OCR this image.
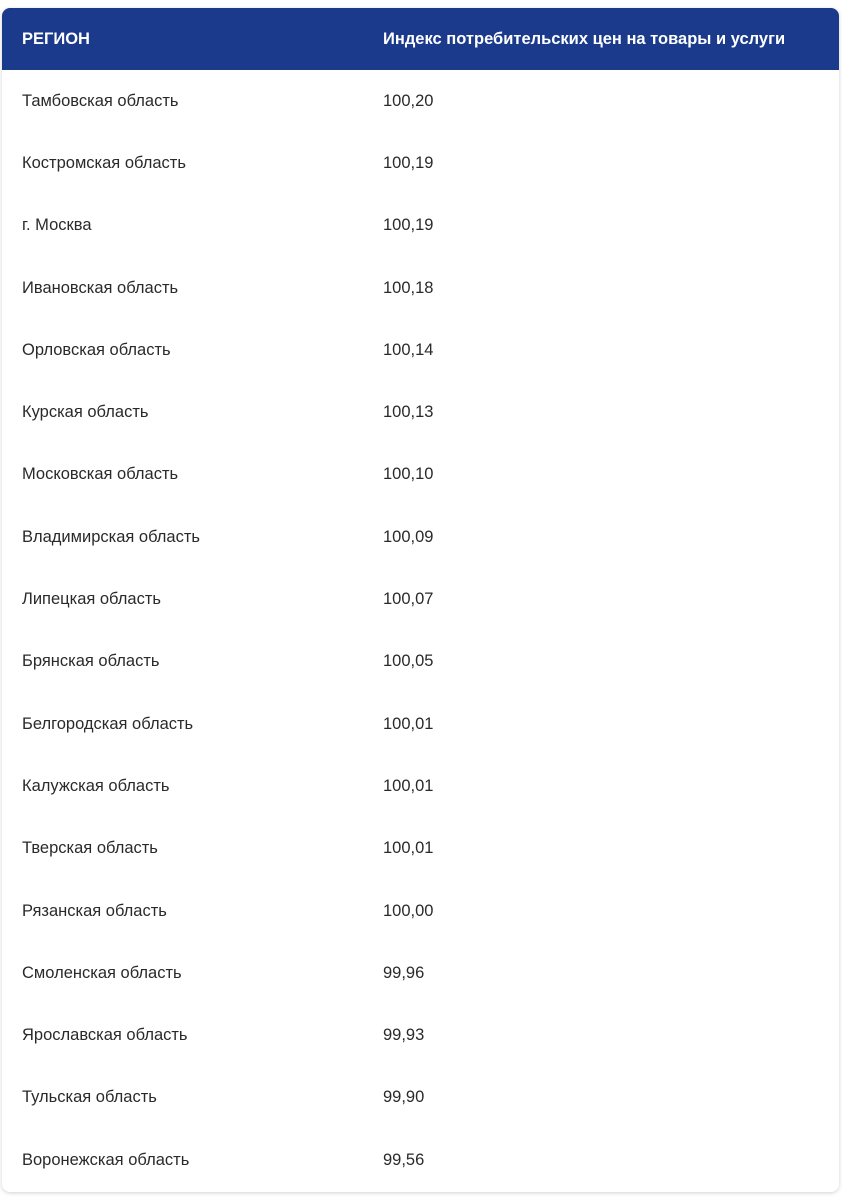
РЕГИОН	Индекс потребительских цен на товары и услуги
Тамбовская область	100,20
Костромская область	100,19
г. Москва	100,19
Ивановская область	100,18
Орловская область	100,14
Курская область	100,13
Московская область	100,10
Владимирская область	100,09
Липецкая область	100,07
Брянская область	100,05
Белгородская область	100,01
Калужская область	100,01
Тверская область	100,01
Рязанская область	100,00
Смоленская область	99,96
Ярославская область	99,93
Тульская область	99,90
Воронежская область	99,56
